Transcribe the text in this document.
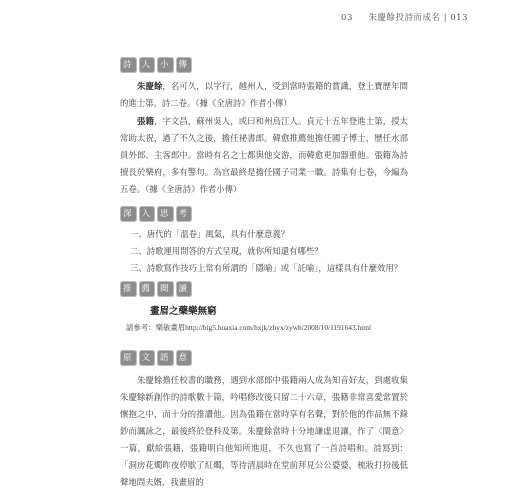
03 朱慶餘投詩而成名 | 013
詩 人 小 傳
朱慶餘，名可久，以字行，越州人，受到當時張籍的賞識，登上寶歷年間的進士第。詩二卷。（據《全唐詩》作者小傳）
張籍，字文昌，蘇州吳人，或曰和州烏江人。貞元十五年登進士第，授太常助太祝，過了不久之後，擔任祕書郎。韓愈推薦他擔任國子博士，歷任水部員外郎、主客郎中。當時有名之士都與他交游，而韓愈更加器重他。張籍為詩擅長於樂府，多有警句。為官最終是擔任國子司業一職。詩集有七卷，今編為五卷。（據《全唐詩》作者小傳）
深 入 思 考
一、唐代的「溫卷」風氣，具有什麼意義？
二、詩歌運用問答的方式呈現，就你所知還有哪些？
三、詩歌寫作技巧上常有所謂的「隱喻」或「託喻」，這樣具有什麼效用？
推 薦 閱 讀
畫眉之藥樂無窮
請參考：樂敏畫眉http://big5.huaxia.com/hxjk/zhyx/zywh/2008/10/1191643.html
原 文 語 意
朱慶餘擔任校書的職務，遇到水部郎中張籍兩人成為知音好友，到處收集朱慶餘新創作的詩歌數十篇，吟唱修改後只留二十六章，張籍非常喜愛常置於懷抱之中，而十分的推讚他。因為張籍在當時享有名聲，對於他的作品無不錄鈔而諷詠之，最後終於登科及第。朱慶餘當時十分地謙虛退讓，作了〈閨意〉一篇，獻給張籍，張籍明白他知所進退，不久也寫了一首詩唱和。詩寫到：「洞房花燭昨夜停歇了紅燭，等待清晨時在堂前拜見公公婆婆，梳妝打扮後低聲地問夫婿，我畫眉的
